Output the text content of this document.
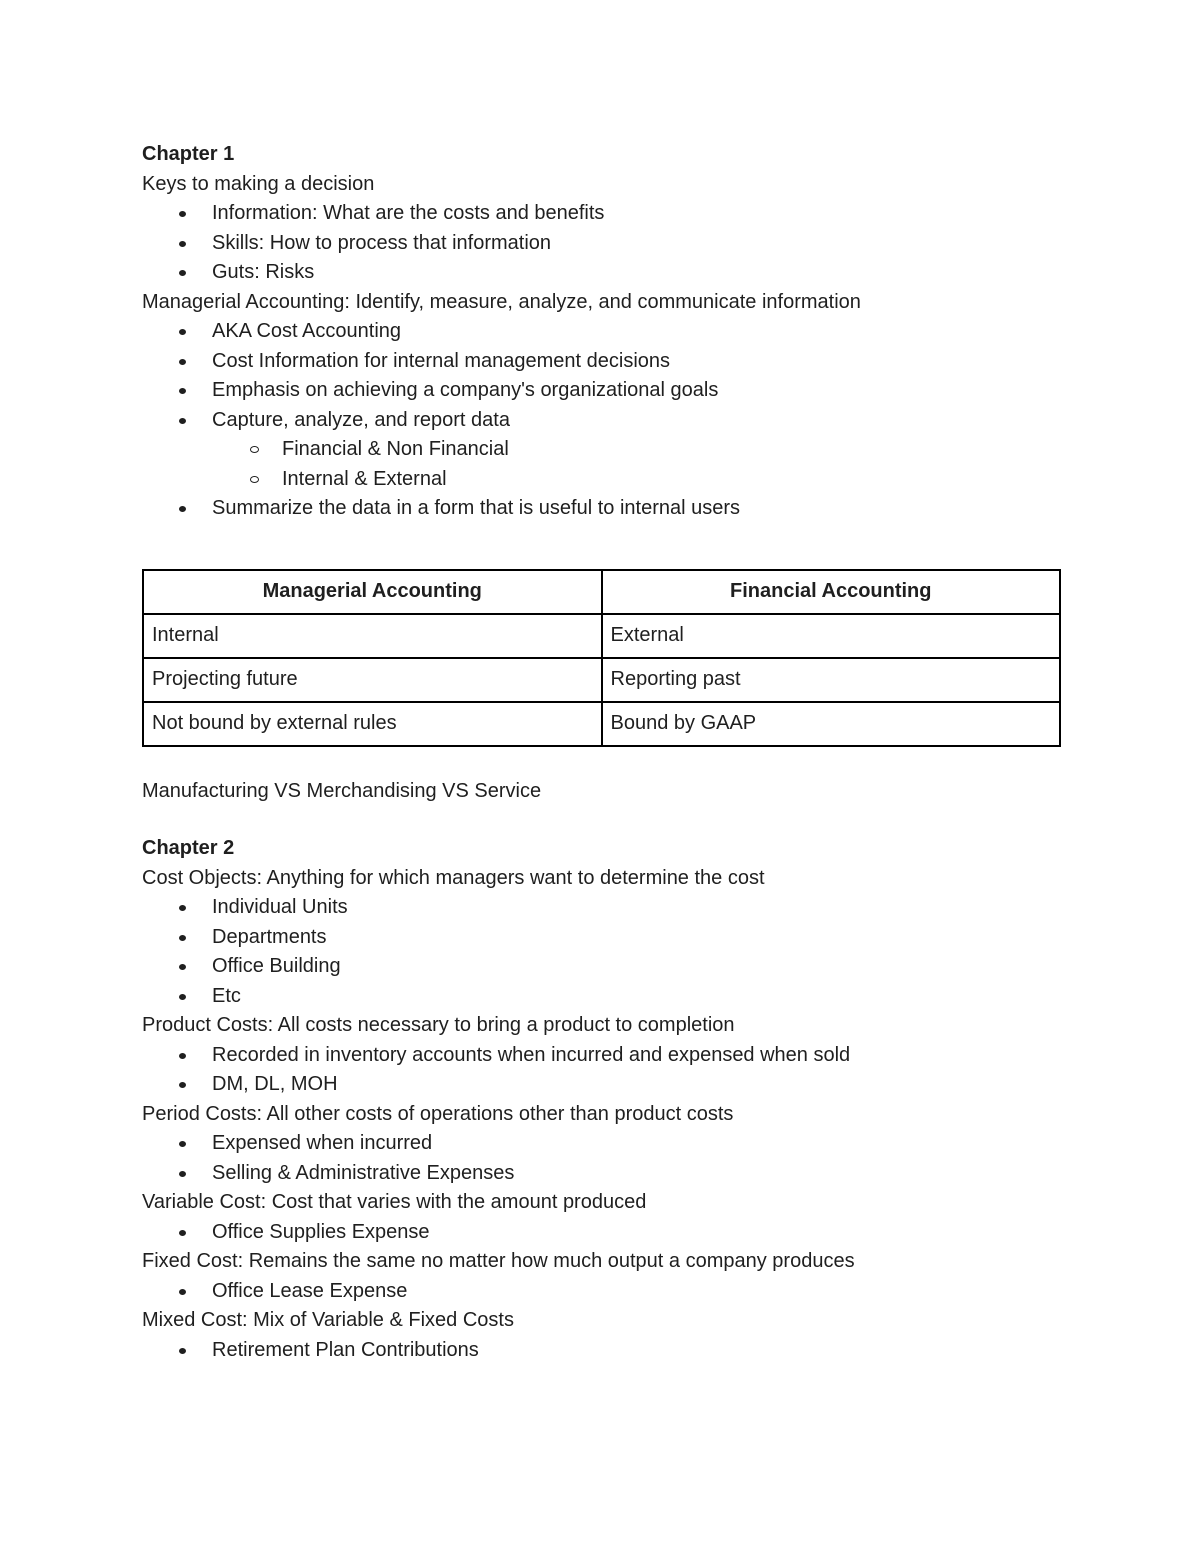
Chapter 1
Keys to making a decision
Information: What are the costs and benefits
Skills: How to process that information
Guts: Risks
Managerial Accounting: Identify, measure, analyze, and communicate information
AKA Cost Accounting
Cost Information for internal management decisions
Emphasis on achieving a company's organizational goals
Capture, analyze, and report data
Financial & Non Financial
Internal & External
Summarize the data in a form that is useful to internal users
Managerial Accounting	Financial Accounting
Internal	External
Projecting future	Reporting past
Not bound by external rules	Bound by GAAP
Manufacturing VS Merchandising VS Service
Chapter 2
Cost Objects: Anything for which managers want to determine the cost
Individual Units
Departments
Office Building
Etc
Product Costs: All costs necessary to bring a product to completion
Recorded in inventory accounts when incurred and expensed when sold
DM, DL, MOH
Period Costs: All other costs of operations other than product costs
Expensed when incurred
Selling & Administrative Expenses
Variable Cost: Cost that varies with the amount produced
Office Supplies Expense
Fixed Cost: Remains the same no matter how much output a company produces
Office Lease Expense
Mixed Cost: Mix of Variable & Fixed Costs
Retirement Plan Contributions
